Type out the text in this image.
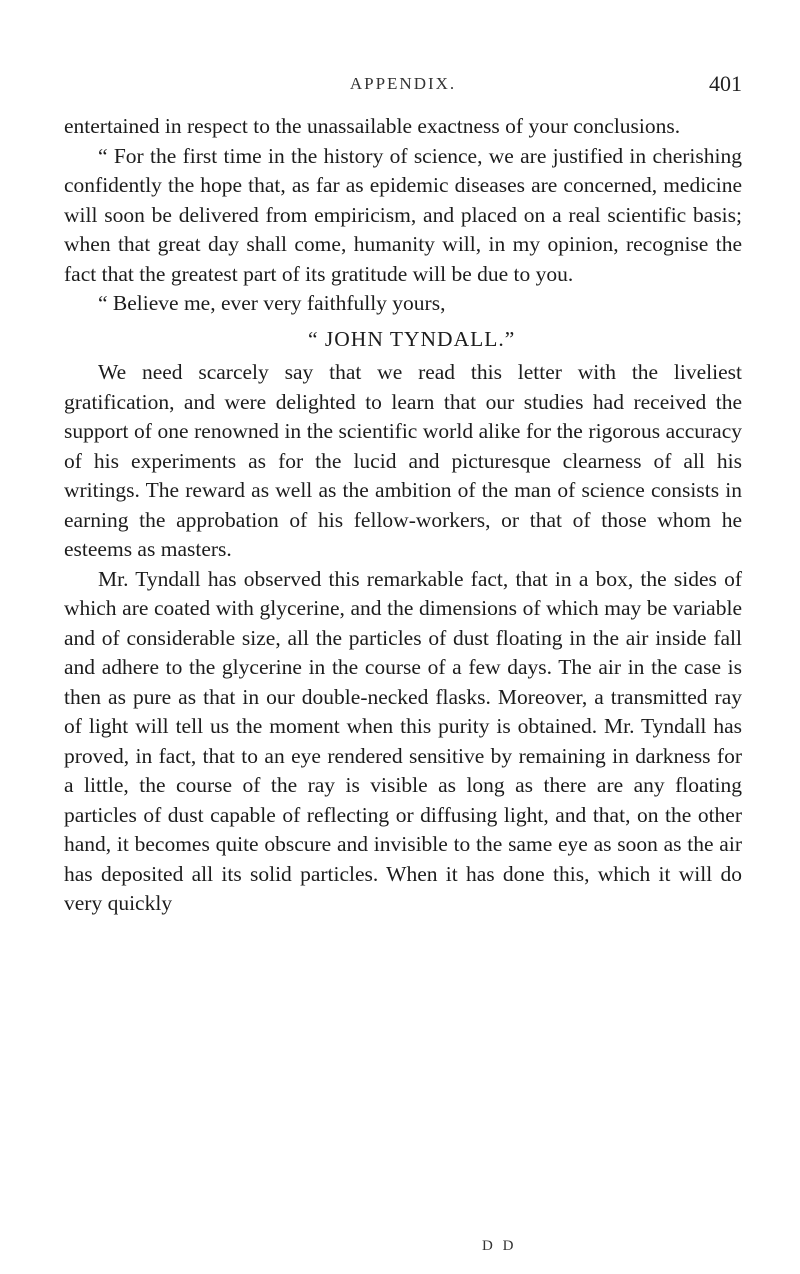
APPENDIX.	401

entertained in respect to the unassailable exactness of your conclusions.

“ For the first time in the history of science, we are justified in cherishing confidently the hope that, as far as epidemic diseases are concerned, medicine will soon be delivered from empiricism, and placed on a real scientific basis; when that great day shall come, humanity will, in my opinion, recognise the fact that the greatest part of its gratitude will be due to you.

“ Believe me, ever very faithfully yours,

“ JOHN TYNDALL.”

We need scarcely say that we read this letter with the liveliest gratification, and were delighted to learn that our studies had received the support of one renowned in the scientific world alike for the rigorous accuracy of his experiments as for the lucid and picturesque clearness of all his writings. The reward as well as the ambition of the man of science consists in earning the approbation of his fellow-workers, or that of those whom he esteems as masters.

Mr. Tyndall has observed this remarkable fact, that in a box, the sides of which are coated with glycerine, and the dimensions of which may be variable and of considerable size, all the particles of dust floating in the air inside fall and adhere to the glycerine in the course of a few days. The air in the case is then as pure as that in our double-necked flasks. Moreover, a transmitted ray of light will tell us the moment when this purity is obtained. Mr. Tyndall has proved, in fact, that to an eye rendered sensitive by remaining in darkness for a little, the course of the ray is visible as long as there are any floating particles of dust capable of reflecting or diffusing light, and that, on the other hand, it becomes quite obscure and invisible to the same eye as soon as the air has deposited all its solid particles. When it has done this, which it will do very quickly

D D
